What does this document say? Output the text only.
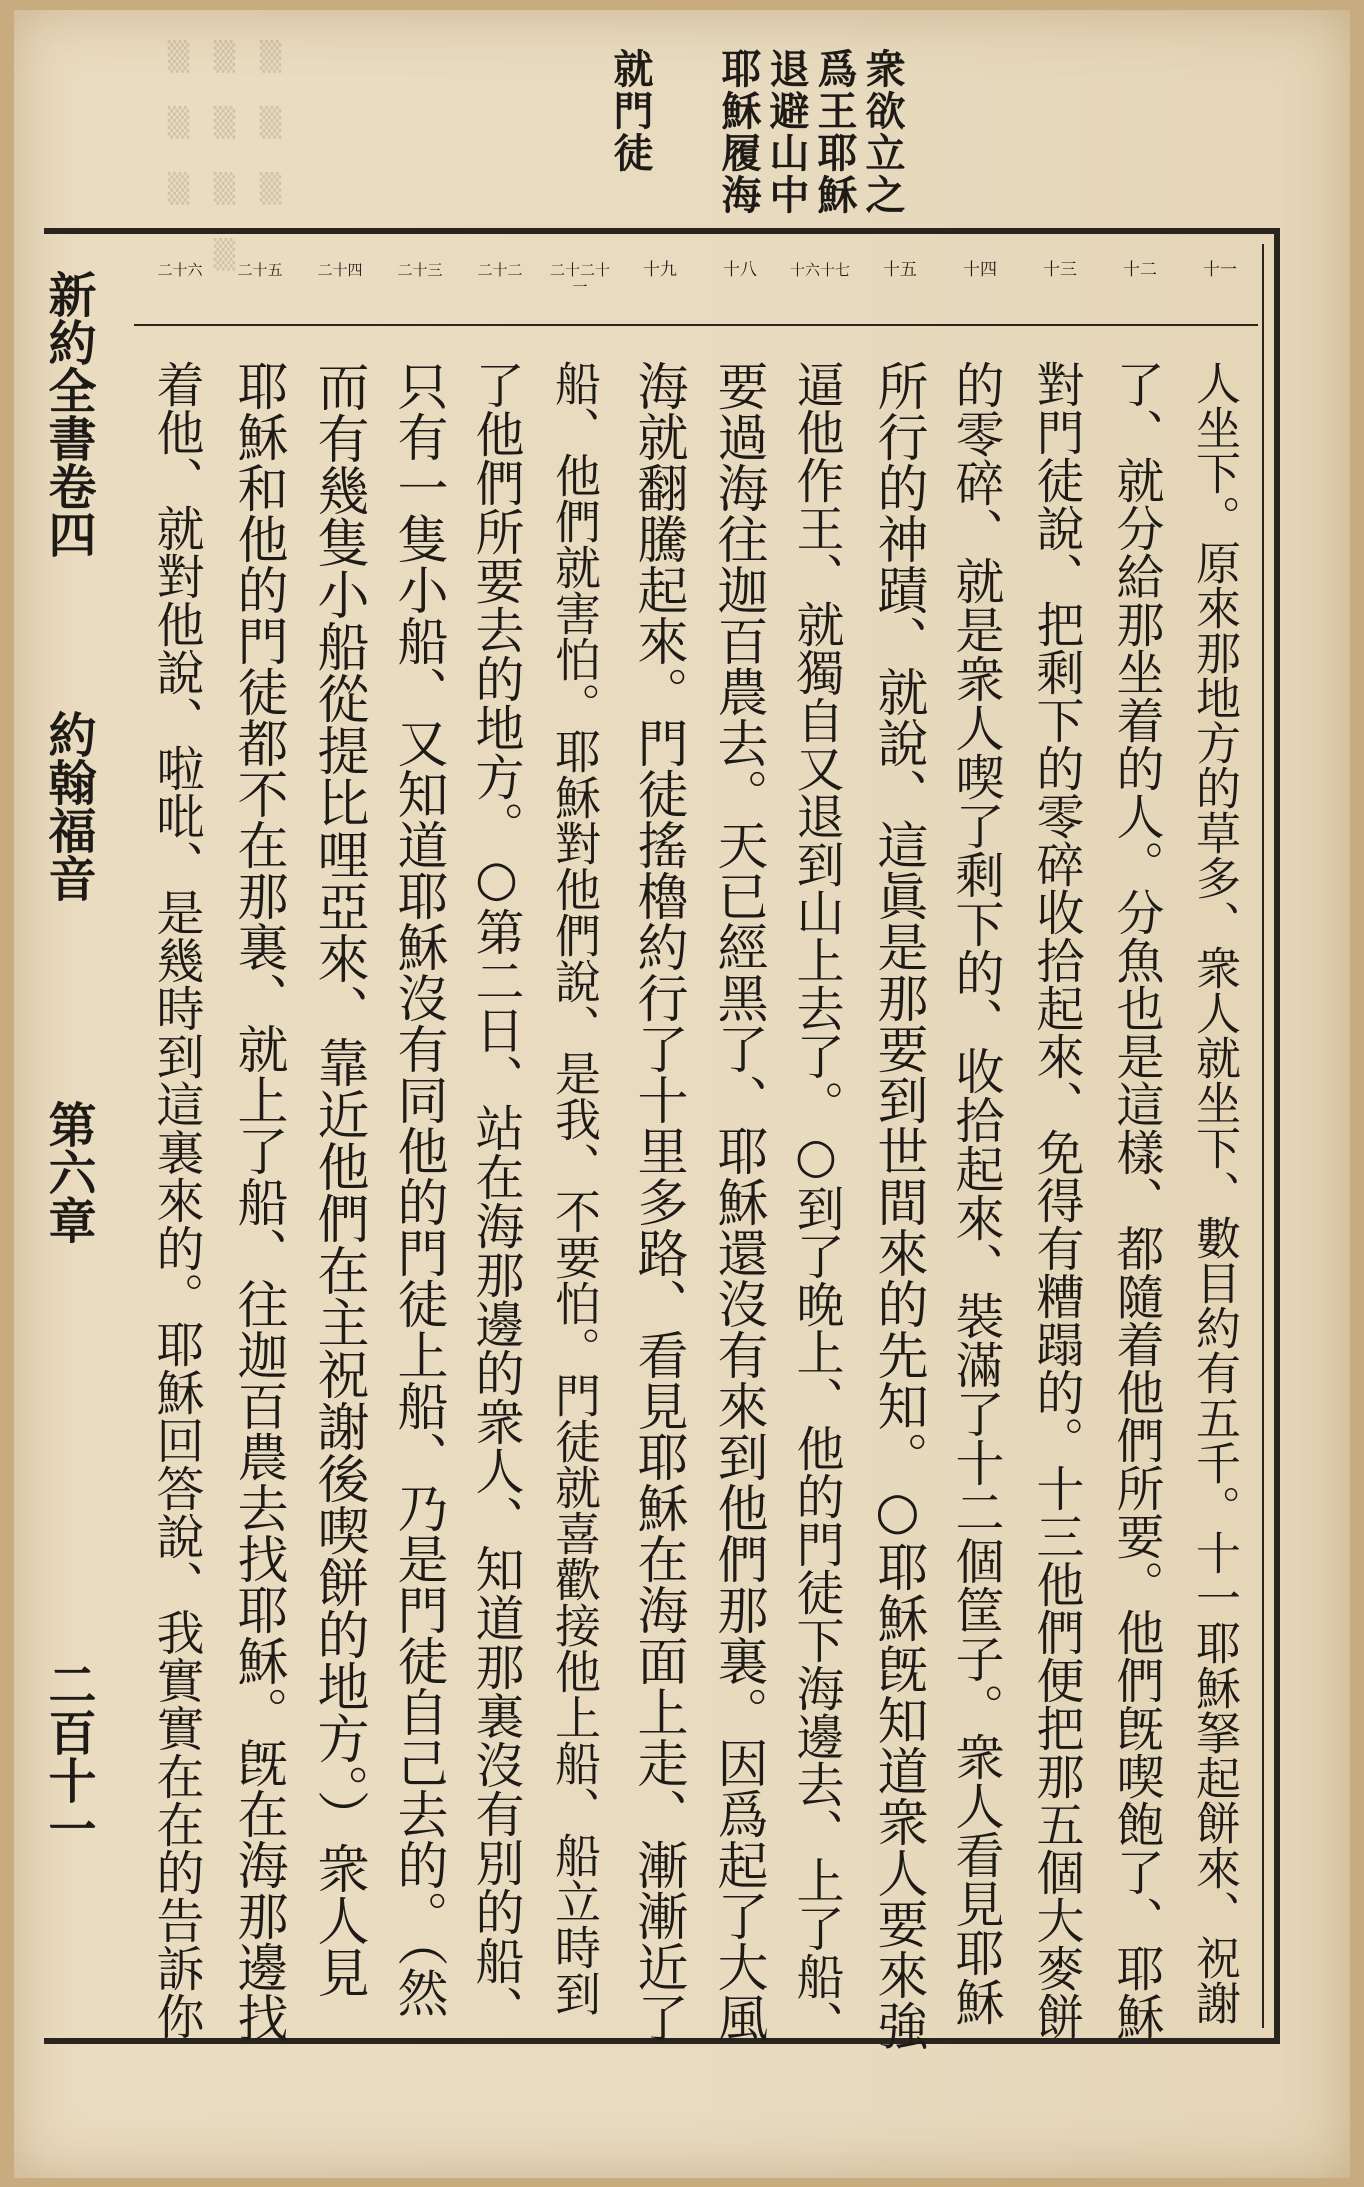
▒ ▒ ▒
▒ ▒ ▒ ▒
▒ ▒ ▒	衆欲立之
爲王耶穌
退避山中
耶穌履海
就門徒
新約全書卷四
約翰福音
第六章
二百十一
十一
人坐下。原來那地方的草多、衆人就坐下、數目約有五千。十一耶穌拏起餅來、祝謝
十二
了、就分給那坐着的人。分魚也是這樣、都隨着他們所要。他們旣喫飽了、耶穌
十三
對門徒說、把剩下的零碎收拾起來、免得有糟蹋的。十三他們便把那五個大麥餅
十四
的零碎、就是衆人喫了剩下的、收拾起來、裝滿了十二個筐子。衆人看見耶穌
十五
所行的神蹟、就說、這眞是那要到世間來的先知。○耶穌旣知道衆人要來強
十六十七
逼他作王、就獨自又退到山上去了。○到了晚上、他的門徒下海邊去、上了船、
十八
要過海往迦百農去。天已經黑了、耶穌還沒有來到他們那裏。因爲起了大風
十九
海就翻騰起來。門徒搖櫓約行了十里多路、看見耶穌在海面上走、漸漸近了
二十二十一
船、他們就害怕。耶穌對他們說、是我、不要怕。門徒就喜歡接他上船、船立時到
二十二
了他們所要去的地方。○第二日、站在海那邊的衆人、知道那裏沒有別的船、
二十三
只有一隻小船、又知道耶穌沒有同他的門徒上船、乃是門徒自己去的。（然
二十四
而有幾隻小船從提比哩亞來、靠近他們在主祝謝後喫餅的地方。）衆人見
二十五
耶穌和他的門徒都不在那裏、就上了船、往迦百農去找耶穌。旣在海那邊找
二十六
着他、就對他說、啦吡、是幾時到這裏來的。耶穌回答說、我實實在在的告訴你
